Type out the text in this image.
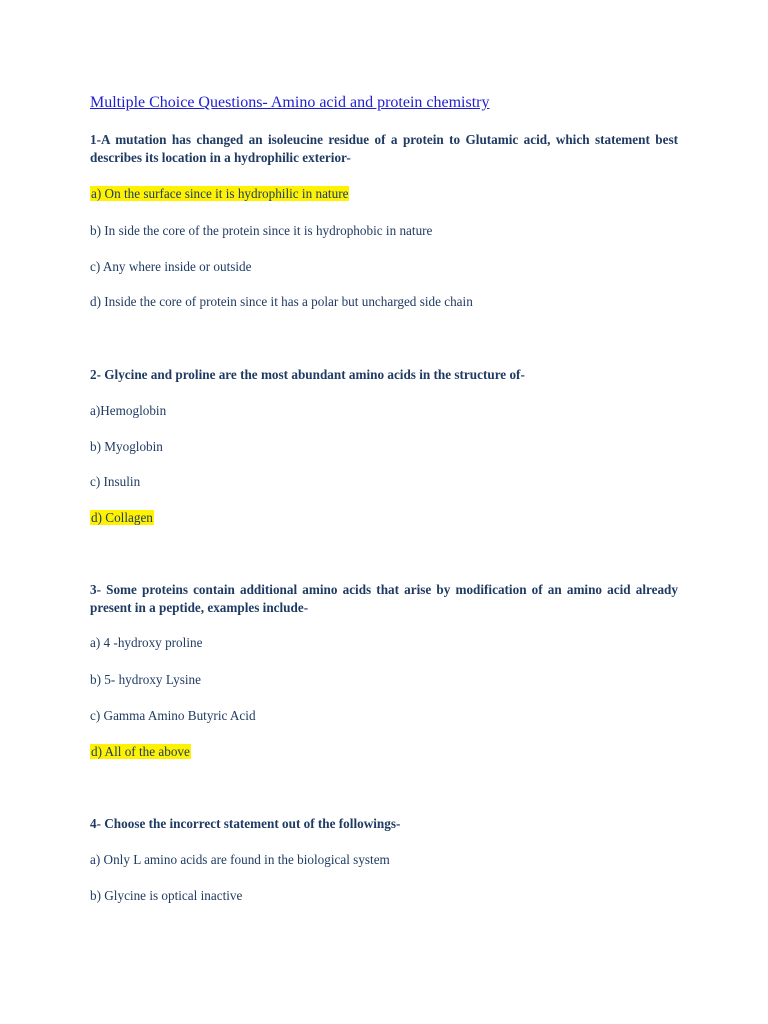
Multiple Choice Questions- Amino acid and protein chemistry
1-A mutation has changed an isoleucine residue of a protein to Glutamic acid, which statement best describes its location in a hydrophilic exterior-
a) On the surface since it is hydrophilic in nature
b) In side the core of the protein since it is hydrophobic in nature
c) Any where inside or outside
d) Inside the core of protein since it has a polar but uncharged side chain
2- Glycine and proline are the most abundant amino acids in the structure of-
a)Hemoglobin
b) Myoglobin
c) Insulin
d) Collagen
3- Some proteins contain additional amino acids that arise by modification of an amino acid already present in a peptide, examples include-
a) 4 -hydroxy proline
b) 5- hydroxy Lysine
c) Gamma Amino Butyric Acid
d) All of the above
4- Choose the incorrect statement out of the followings-
a) Only L amino acids are found in the biological system
b) Glycine is optical inactive
